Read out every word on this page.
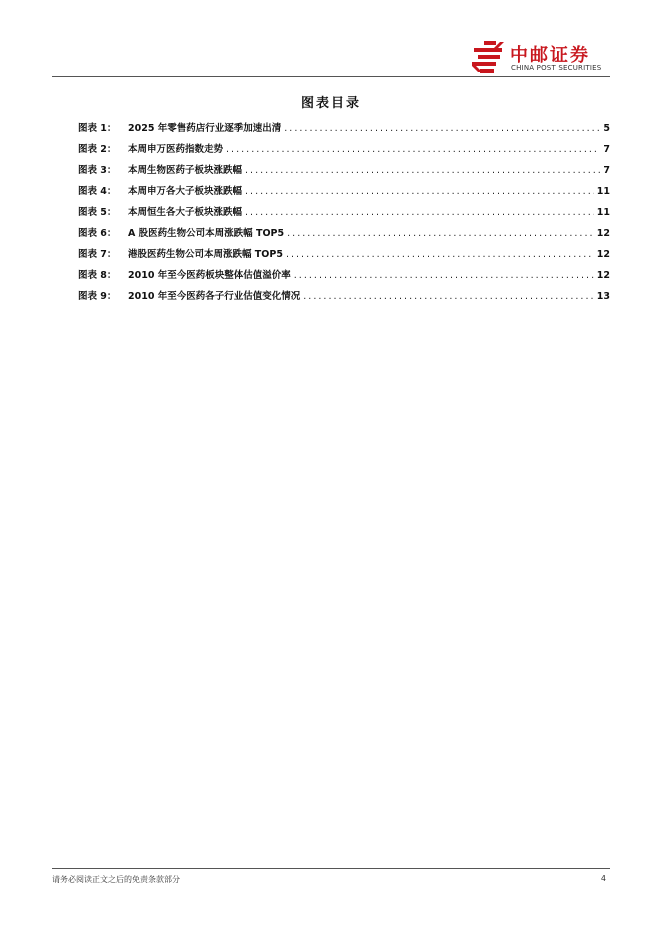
中邮证券
CHINA POST SECURITIES
图表目录
图表 1：	2025 年零售药店行业逐季加速出清 . . .	5
图表 2：	本周申万医药指数走势 . . .	7
图表 3：	本周生物医药子板块涨跌幅 . . .	7
图表 4：	本周申万各大子板块涨跌幅 . . .	11
图表 5：	本周恒生各大子板块涨跌幅 . . .	11
图表 6：	A 股医药生物公司本周涨跌幅 TOP5 . . .	12
图表 7：	港股医药生物公司本周涨跌幅 TOP5 . . .	12
图表 8：	2010 年至今医药板块整体估值溢价率 . . .	12
图表 9：	2010 年至今医药各子行业估值变化情况 . . .	13
请务必阅读正文之后的免责条款部分	4
